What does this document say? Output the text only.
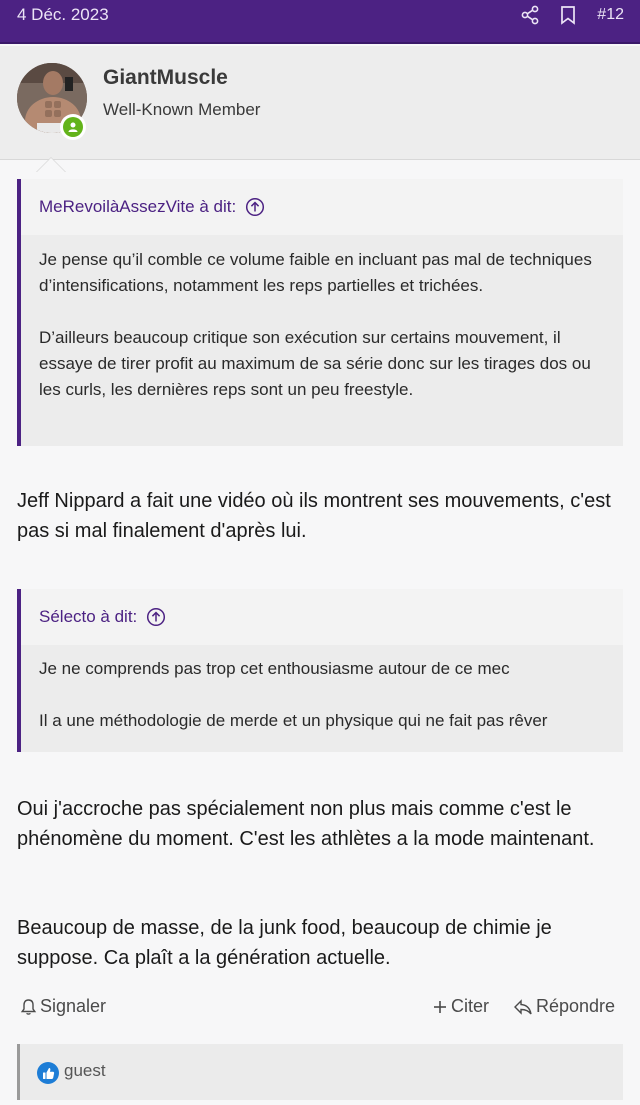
4 Déc. 2023	#12
GiantMuscle
Well-Known Member
MeRevoilàAssezVite à dit:

Je pense qu’il comble ce volume faible en incluant pas mal de techniques d’intensifications, notamment les reps partielles et trichées.

D’ailleurs beaucoup critique son exécution sur certains mouvement, il essaye de tirer profit au maximum de sa série donc sur les tirages dos ou les curls, les dernières reps sont un peu freestyle.

Jeff Nippard a fait une vidéo où ils montrent ses mouvements, c'est pas si mal finalement d'après lui.
Sélecto à dit:

Je ne comprends pas trop cet enthousiasme autour de ce mec

Il a une méthodologie de merde et un physique qui ne fait pas rêver

Oui j'accroche pas spécialement non plus mais comme c'est le phénomène du moment. C'est les athlètes a la mode maintenant.
Beaucoup de masse, de la junk food, beaucoup de chimie je suppose. Ca plaît a la génération actuelle.
Signaler	Citer	Répondre
guest
